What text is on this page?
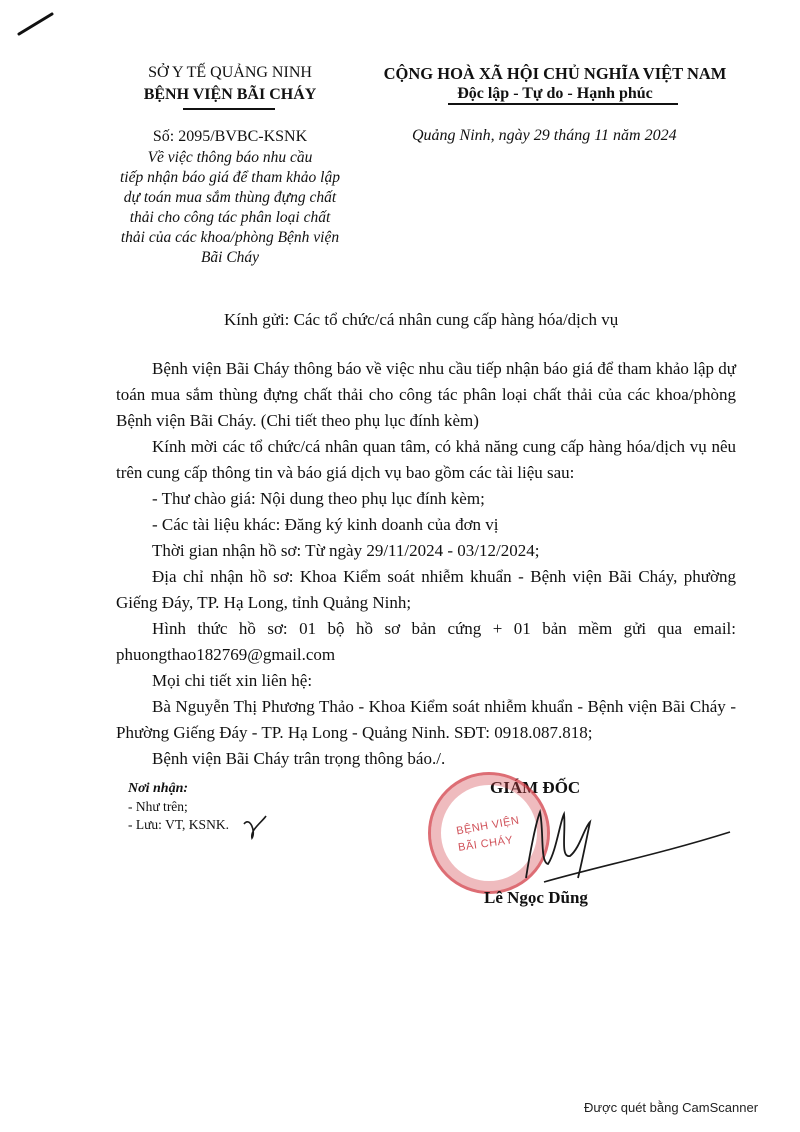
SỞ Y TẾ QUẢNG NINH
BỆNH VIỆN BÃI CHÁY
CỘNG HOÀ XÃ HỘI CHỦ NGHĨA VIỆT NAM
Độc lập - Tự do - Hạnh phúc
Số: 2095/BVBC-KSNK
Về việc thông báo nhu cầu
tiếp nhận báo giá để tham khảo lập
dự toán mua sắm thùng đựng chất
thải cho công tác phân loại chất
thải của các khoa/phòng Bệnh viện
Bãi Cháy
Quảng Ninh, ngày 29 tháng 11 năm 2024
Kính gửi: Các tổ chức/cá nhân cung cấp hàng hóa/dịch vụ
Bệnh viện Bãi Cháy thông báo về việc nhu cầu tiếp nhận báo giá để tham khảo lập dự toán mua sắm thùng đựng chất thải cho công tác phân loại chất thải của các khoa/phòng Bệnh viện Bãi Cháy. (Chi tiết theo phụ lục đính kèm)
Kính mời các tổ chức/cá nhân quan tâm, có khả năng cung cấp hàng hóa/dịch vụ nêu trên cung cấp thông tin và báo giá dịch vụ bao gồm các tài liệu sau:
- Thư chào giá: Nội dung theo phụ lục đính kèm;
- Các tài liệu khác: Đăng ký kinh doanh của đơn vị
Thời gian nhận hồ sơ: Từ ngày 29/11/2024 - 03/12/2024;
Địa chỉ nhận hồ sơ: Khoa Kiểm soát nhiễm khuẩn - Bệnh viện Bãi Cháy, phường Giếng Đáy, TP. Hạ Long, tỉnh Quảng Ninh;
Hình thức hồ sơ: 01 bộ hồ sơ bản cứng + 01 bản mềm gửi qua email:
phuongthao182769@gmail.com
Mọi chi tiết xin liên hệ:
Bà Nguyễn Thị Phương Thảo - Khoa Kiểm soát nhiễm khuẩn - Bệnh viện Bãi Cháy - Phường Giếng Đáy - TP. Hạ Long - Quảng Ninh. SĐT: 0918.087.818;
Bệnh viện Bãi Cháy trân trọng thông báo./.
Nơi nhận:
- Như trên;
- Lưu: VT, KSNK.
GIÁM ĐỐC
BỆNH VIỆN
BÃI CHÁY
Lê Ngọc Dũng
Được quét bằng CamScanner
